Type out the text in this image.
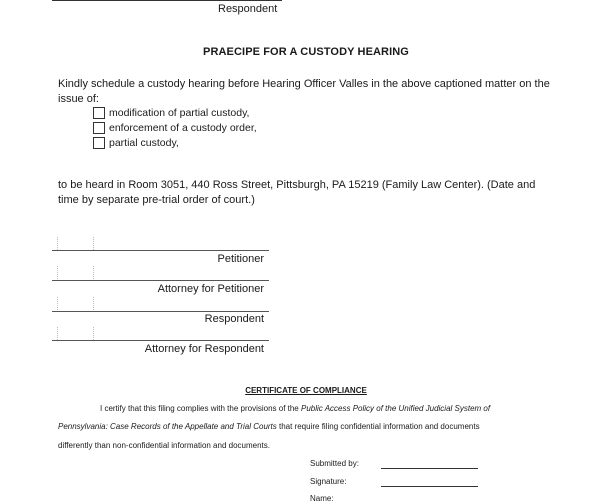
Respondent
PRAECIPE FOR A CUSTODY HEARING
Kindly schedule a custody hearing before Hearing Officer Valles in the above captioned matter on the issue of:
modification of partial custody,
enforcement of a custody order,
partial custody,
to be heard in Room 3051, 440 Ross Street, Pittsburgh, PA 15219 (Family Law Center). (Date and time by separate pre-trial order of court.)
Petitioner
Attorney for Petitioner
Respondent
Attorney for Respondent
CERTIFICATE OF COMPLIANCE
I certify that this filing complies with the provisions of the Public Access Policy of the Unified Judicial System of
Pennsylvania: Case Records of the Appellate and Trial Courts that require filing confidential information and documents
differently than non-confidential information and documents.
Submitted by:
Signature:
Name:
